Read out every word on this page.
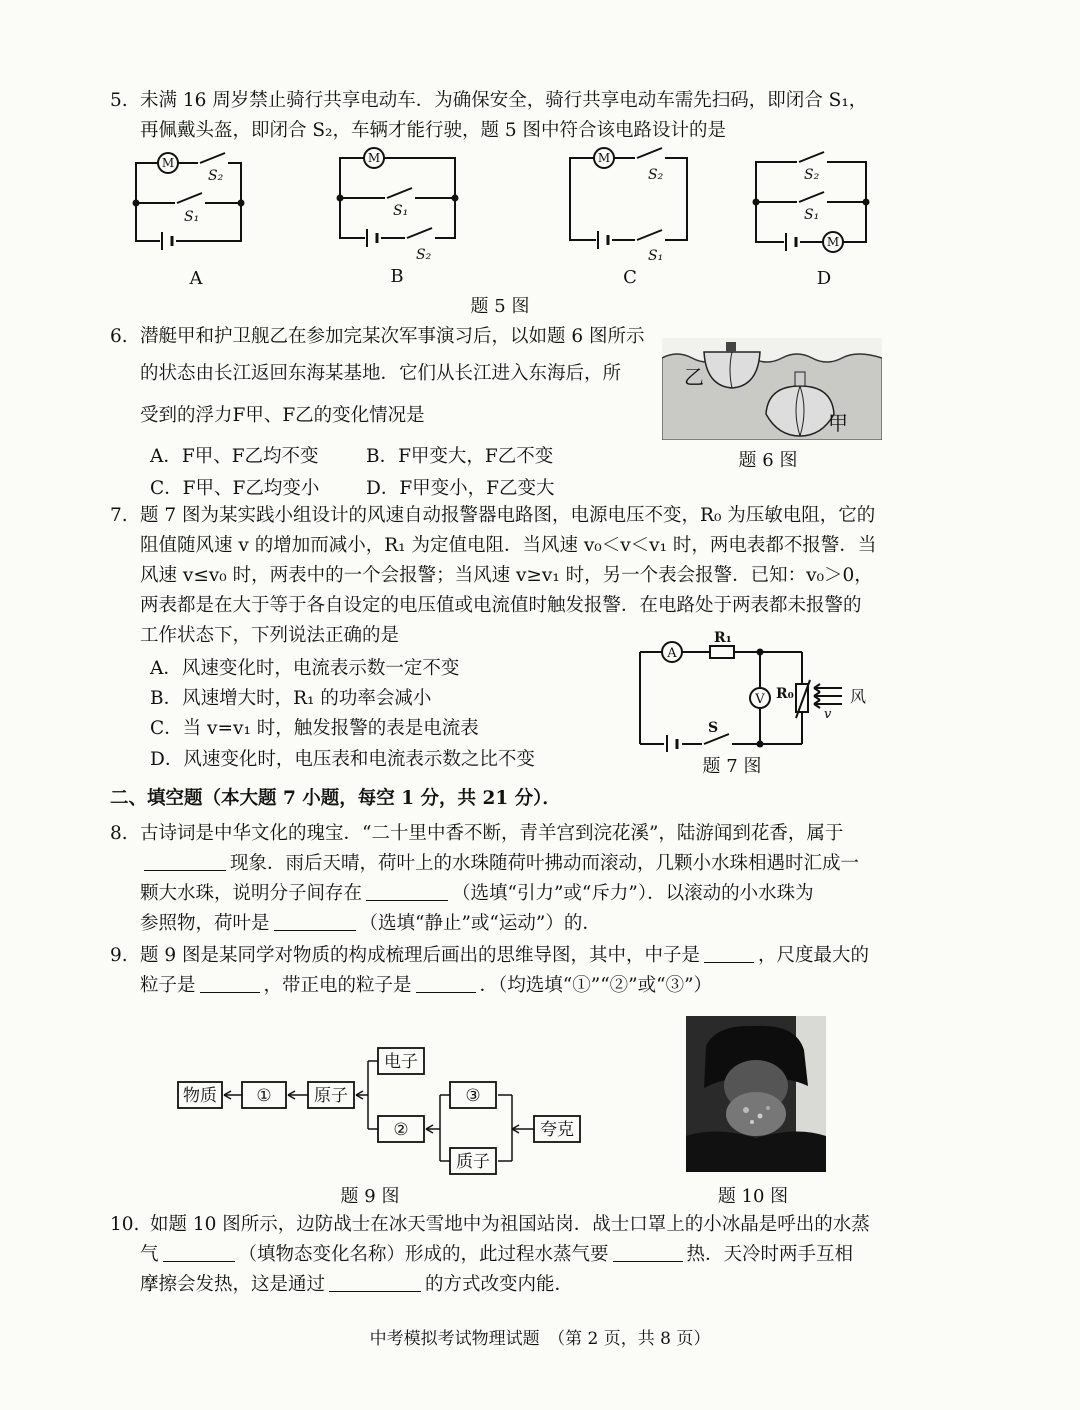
5. 未满 16 周岁禁止骑行共享电动车．为确保安全，骑行共享电动车需先扫码，即闭合 S₁，
再佩戴头盔，即闭合 S₂，车辆才能行驶，题 5 图中符合该电路设计的是
M	M	M
M
S₂
S₁	S₁
S₂
S₂
S₁
S₂
S₁
A	B	C	D
题 5 图
6. 潜艇甲和护卫舰乙在参加完某次军事演习后，以如题 6 图所示
的状态由长江返回东海某基地．它们从长江进入东海后，所
受到的浮力F甲、F乙的变化情况是
A．F甲、F乙均不变	B．F甲变大，F乙不变
C．F甲、F乙均变小	D．F甲变小，F乙变大
乙
甲
题 6 图
7. 题 7 图为某实践小组设计的风速自动报警器电路图，电源电压不变，R₀ 为压敏电阻，它的
阻值随风速 v 的增加而减小，R₁ 为定值电阻．当风速 v₀＜v＜v₁ 时，两电表都不报警．当
风速 v≤v₀ 时，两表中的一个会报警；当风速 v≥v₁ 时，另一个表会报警．已知：v₀＞0，
两表都是在大于等于各自设定的电压值或电流值时触发报警．在电路处于两表都未报警的
工作状态下，下列说法正确的是
A．风速变化时，电流表示数一定不变
B．风速增大时，R₁ 的功率会减小
C．当 v=v₁ 时，触发报警的表是电流表
D．风速变化时，电压表和电流表示数之比不变
A
V
R₁
R₀
S
风
v
题 7 图
二、填空题（本大题 7 小题，每空 1 分，共 21 分）．
8. 古诗词是中华文化的瑰宝．“二十里中香不断，青羊宫到浣花溪”，陆游闻到花香，属于
现象．雨后天晴，荷叶上的水珠随荷叶拂动而滚动，几颗小水珠相遇时汇成一
颗大水珠，说明分子间存在	（选填“引力”或“斥力”）．以滚动的小水珠为
参照物，荷叶是	（选填“静止”或“运动”）的．
9. 题 9 图是某同学对物质的构成梳理后画出的思维导图，其中，中子是	，尺度最大的
粒子是	，带正电的粒子是	．（均选填“①”“②”或“③”）
物质 ① 原子
电子
②
③
质子
夸克
题 9 图	题 10 图
10. 如题 10 图所示，边防战士在冰天雪地中为祖国站岗．战士口罩上的小冰晶是呼出的水蒸
气	（填物态变化名称）形成的，此过程水蒸气要	热．天冷时两手互相
摩擦会发热，这是通过	的方式改变内能．
中考模拟考试物理试题　（第 2 页，共 8 页）
